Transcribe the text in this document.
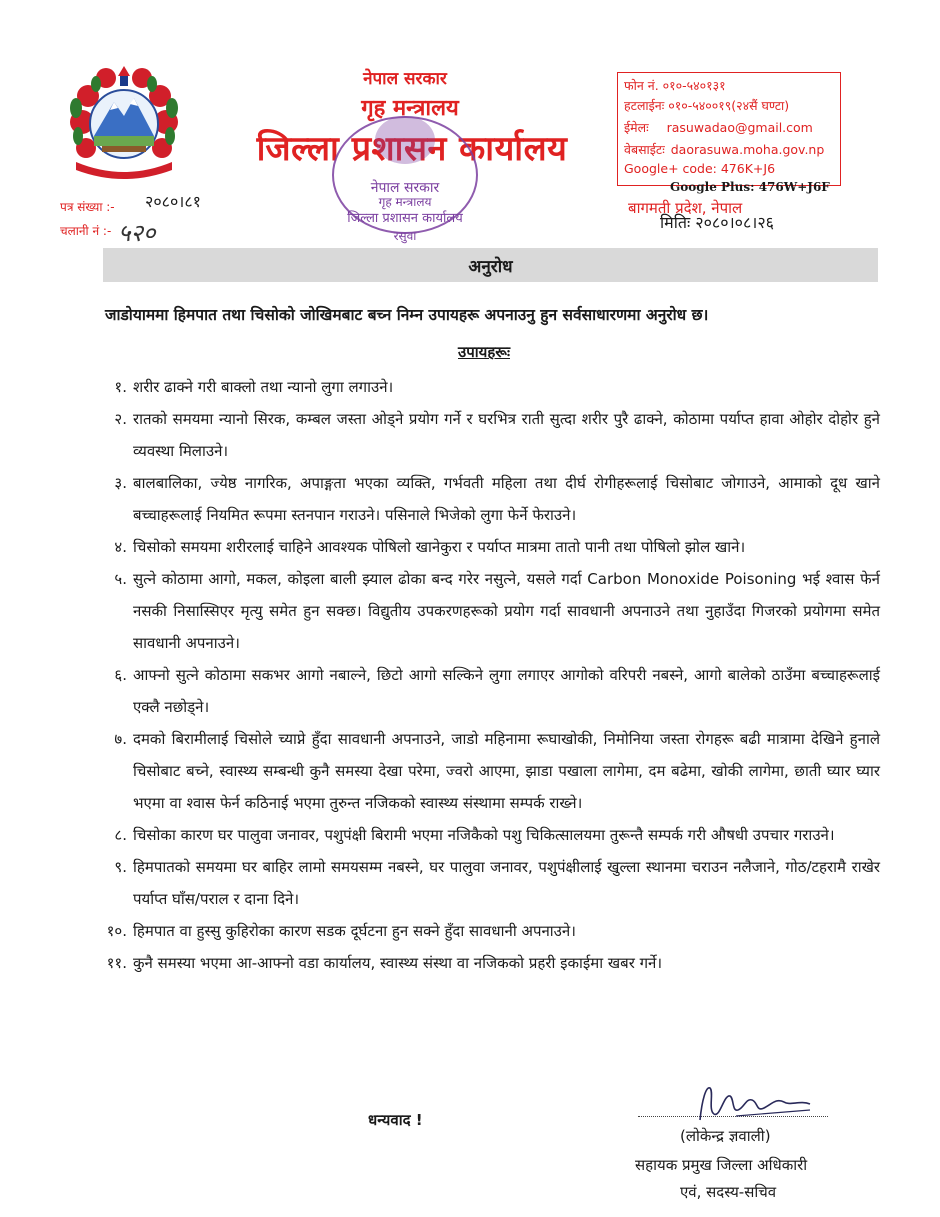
नेपाल सरकार
गृह मन्त्रालय
जिल्ला प्रशासन कार्यालय
नेपाल सरकार
गृह मन्त्रालय
जिल्ला प्रशासन कार्यालय
रसुवा
फोन नं. ०१०-५४०१३१
हटलाईनः ०१०-५४००१९(२४सैं घण्टा)
ईमेलः rasuwadao@gmail.com
वेबसाईटः daorasuwa.moha.gov.np
Google+ code: 476K+J6
Google Plus: 476W+J6F
बागमती प्रदेश, नेपाल
मितिः २०८०।०८।२६
पत्र संख्या :- २०८०।८१
चलानी नं :- ५२०
अनुरोध
जाडोयाममा हिमपात तथा चिसोको जोखिमबाट बच्न निम्न उपायहरू अपनाउनु हुन सर्वसाधारणमा अनुरोध छ।
उपायहरूः
१. शरीर ढाक्ने गरी बाक्लो तथा न्यानो लुगा लगाउने।
२. रातको समयमा न्यानो सिरक, कम्बल जस्ता ओड्ने प्रयोग गर्ने र घरभित्र राती सुत्दा शरीर पुरै ढाक्ने, कोठामा पर्याप्त हावा ओहोर दोहोर हुने व्यवस्था मिलाउने।
३. बालबालिका, ज्येष्ठ नागरिक, अपाङ्गता भएका व्यक्ति, गर्भवती महिला तथा दीर्घ रोगीहरूलाई चिसोबाट जोगाउने, आमाको दूध खाने बच्चाहरूलाई नियमित रूपमा स्तनपान गराउने। पसिनाले भिजेको लुगा फेर्ने फेराउने।
४. चिसोको समयमा शरीरलाई चाहिने आवश्यक पोषिलो खानेकुरा र पर्याप्त मात्रमा तातो पानी तथा पोषिलो झोल खाने।
५. सुत्ने कोठामा आगो, मकल, कोइला बाली झ्याल ढोका बन्द गरेर नसुत्ने, यसले गर्दा Carbon Monoxide Poisoning भई श्वास फेर्न नसकी निसास्सिएर मृत्यु समेत हुन सक्छ। विद्युतीय उपकरणहरूको प्रयोग गर्दा सावधानी अपनाउने तथा नुहाउँदा गिजरको प्रयोगमा समेत सावधानी अपनाउने।
६. आफ्नो सुत्ने कोठामा सकभर आगो नबाल्ने, छिटो आगो सल्किने लुगा लगाएर आगोको वरिपरी नबस्ने, आगो बालेको ठाउँमा बच्चाहरूलाई एक्लै नछोड्ने।
७. दमको बिरामीलाई चिसोले च्याप्ने हुँदा सावधानी अपनाउने, जाडो महिनामा रूघाखोकी, निमोनिया जस्ता रोगहरू बढी मात्रामा देखिने हुनाले चिसोबाट बच्ने, स्वास्थ्य सम्बन्धी कुनै समस्या देखा परेमा, ज्वरो आएमा, झाडा पखाला लागेमा, दम बढेमा, खोकी लागेमा, छाती घ्यार घ्यार भएमा वा श्वास फेर्न कठिनाई भएमा तुरुन्त नजिकको स्वास्थ्य संस्थामा सम्पर्क राख्ने।
८. चिसोका कारण घर पालुवा जनावर, पशुपंक्षी बिरामी भएमा नजिकैको पशु चिकित्सालयमा तुरून्तै सम्पर्क गरी औषधी उपचार गराउने।
९. हिमपातको समयमा घर बाहिर लामो समयसम्म नबस्ने, घर पालुवा जनावर, पशुपंक्षीलाई खुल्ला स्थानमा चराउन नलैजाने, गोठ/टहरामै राखेर पर्याप्त घाँस/पराल र दाना दिने।
१०. हिमपात वा हुस्सु कुहिरोका कारण सडक दूर्घटना हुन सक्ने हुँदा सावधानी अपनाउने।
११. कुनै समस्या भएमा आ-आफ्नो वडा कार्यालय, स्वास्थ्य संस्था वा नजिकको प्रहरी इकाईमा खबर गर्ने।
धन्यवाद !
(लोकेन्द्र ज्ञवाली)
सहायक प्रमुख जिल्ला अधिकारी
एवं, सदस्य-सचिव
